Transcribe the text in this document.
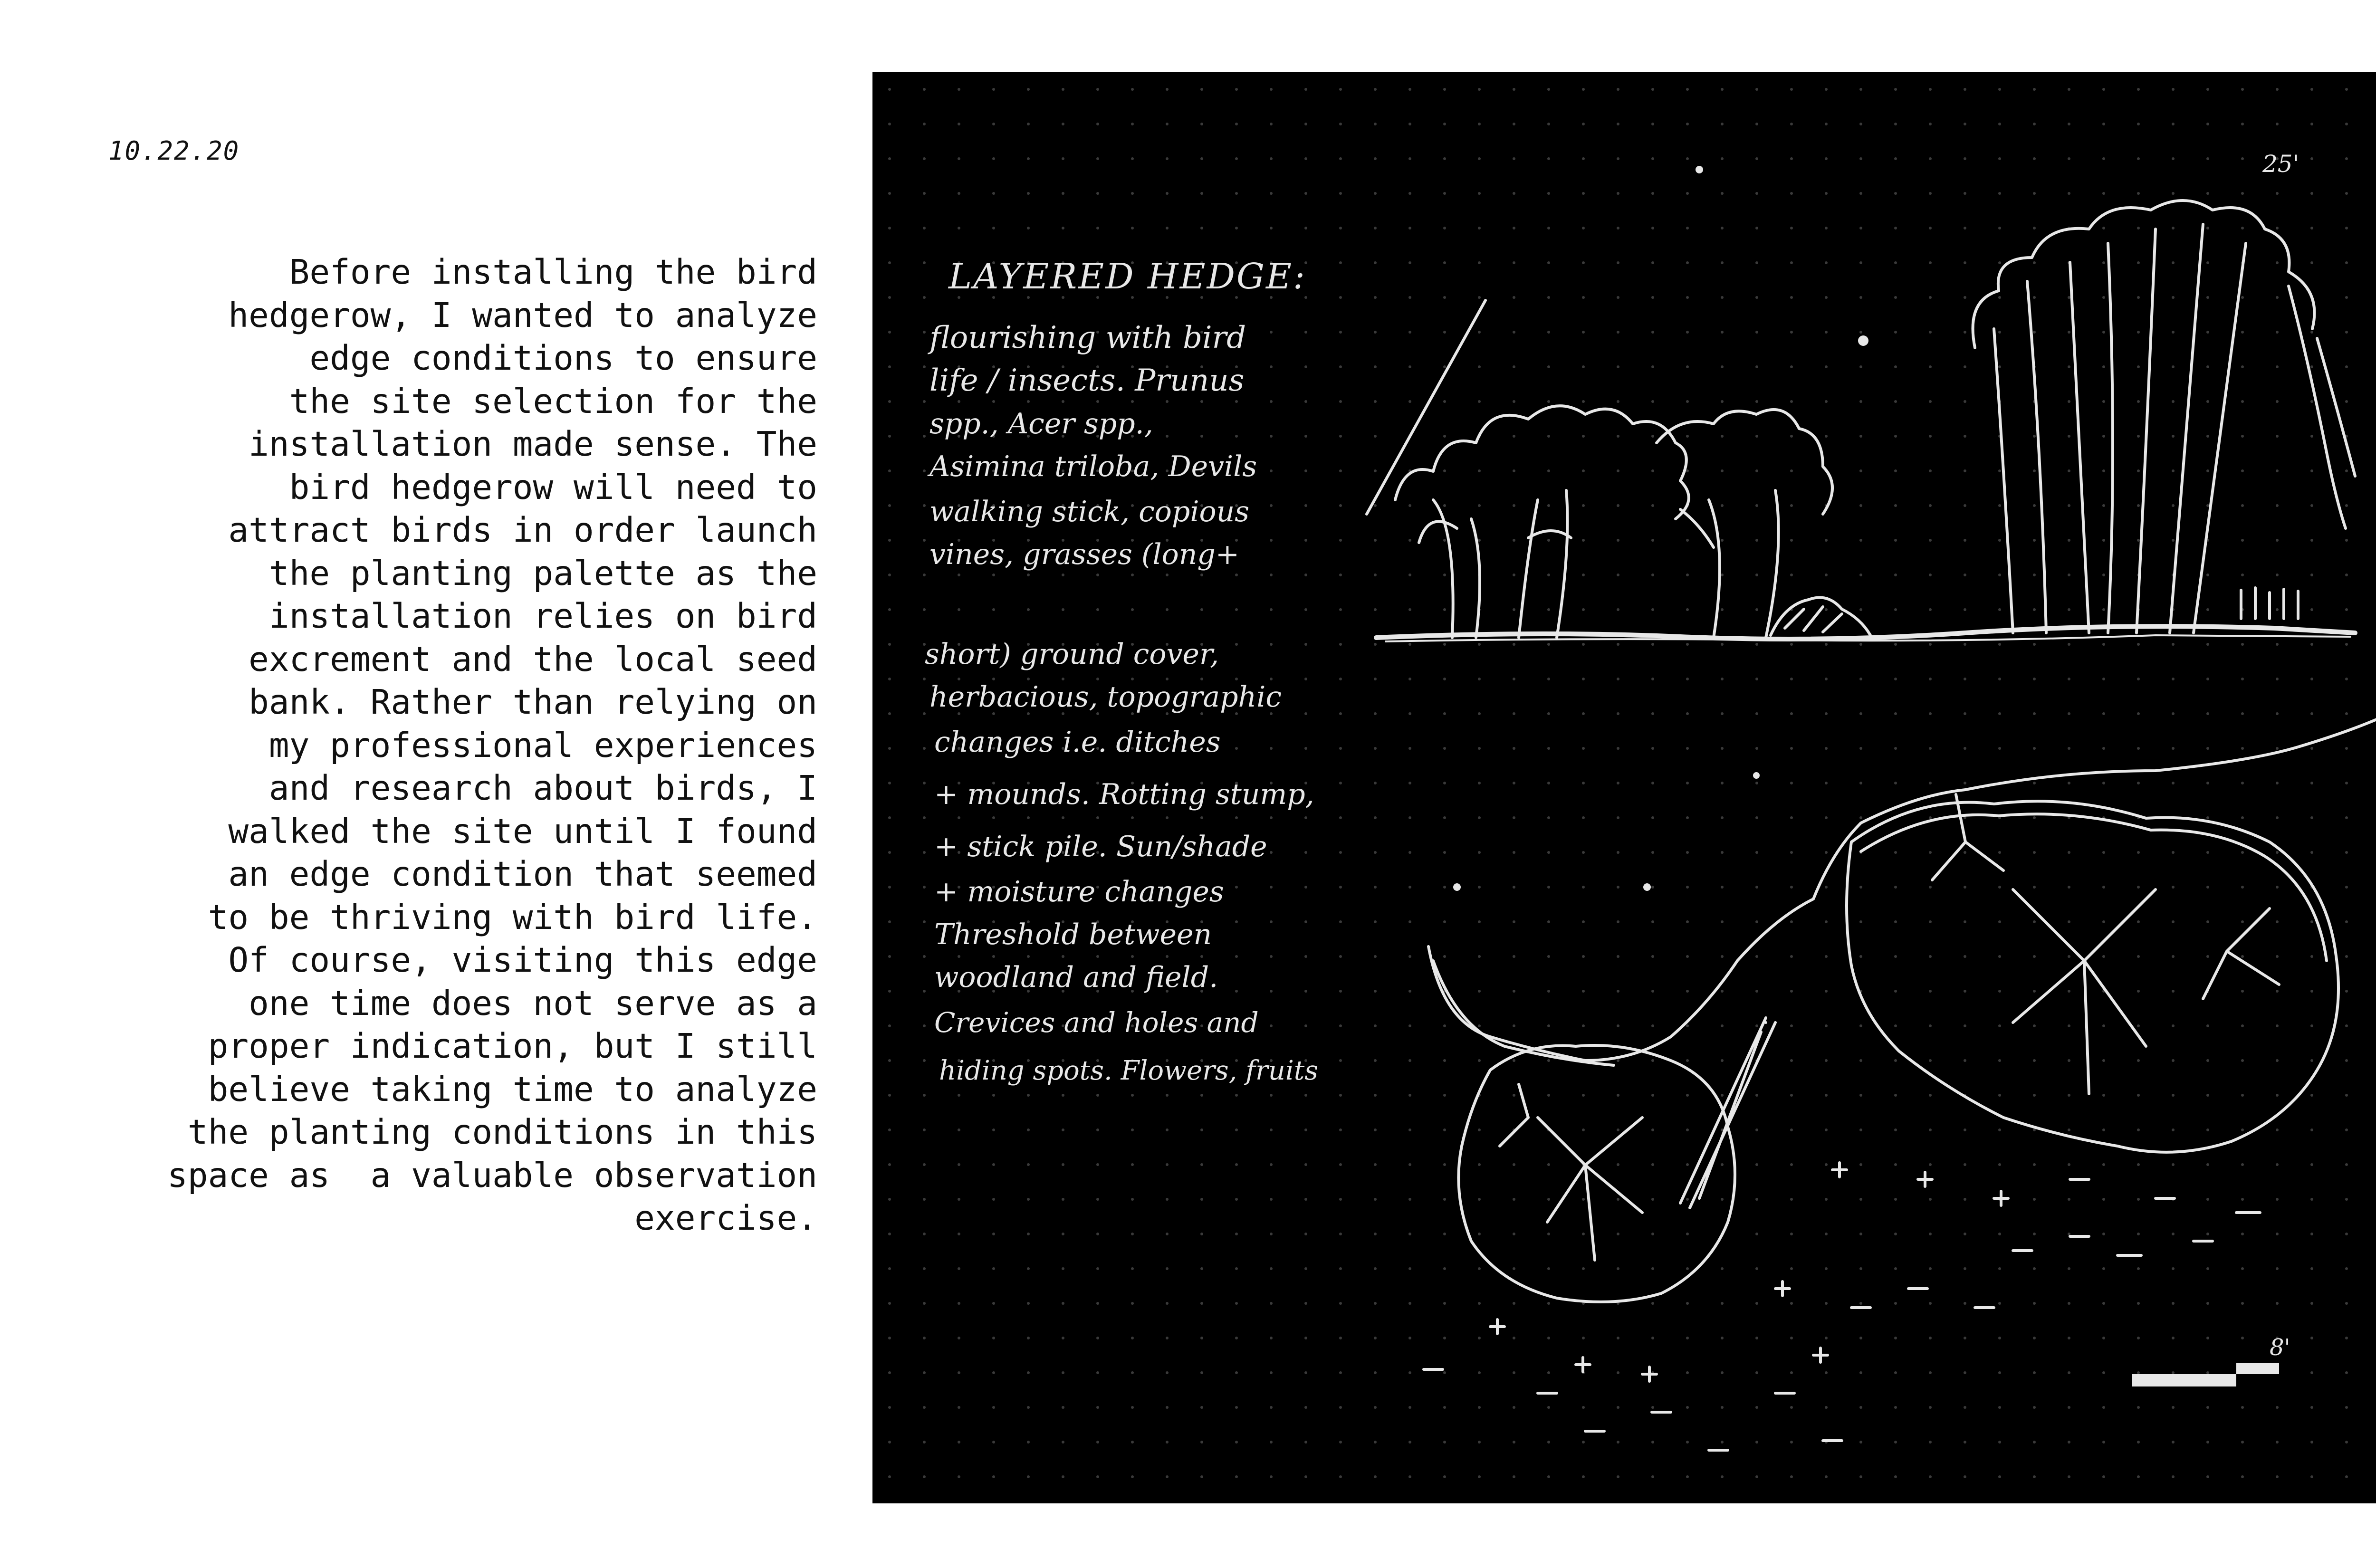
10.22.20
Before installing the bird
hedgerow, I wanted to analyze
edge conditions to ensure
the site selection for the
installation made sense. The
bird hedgerow will need to
attract birds in order launch
the planting palette as the
installation relies on bird
excrement and the local seed
bank. Rather than relying on
my professional experiences
and research about birds, I
walked the site until I found
an edge condition that seemed
to be thriving with bird life.
Of course, visiting this edge
one time does not serve as a
proper indication, but I still
believe taking time to analyze
the planting conditions in this
space as  a valuable observation
exercise.
LAYERED HEDGE:
flourishing with bird
life / insects. Prunus
spp., Acer spp.,
Asimina triloba, Devils
walking stick, copious
vines, grasses (long+
short) ground cover,
herbacious, topographic
changes i.e. ditches
+ mounds. Rotting stump,
+ stick pile. Sun/shade
+ moisture changes
Threshold between
woodland and field.
Crevices and holes and
hiding spots. Flowers, fruits
25'
8'
